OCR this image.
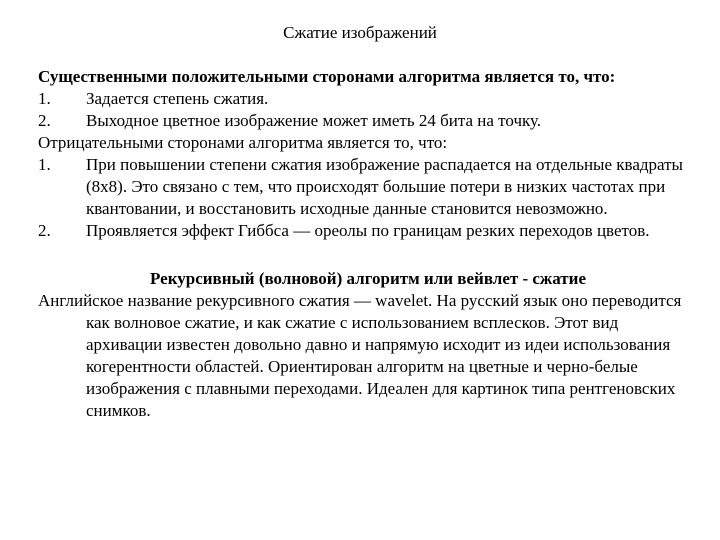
Сжатие изображений

Существенными положительными сторонами алгоритма является то, что:

1. Задается степень сжатия.
2. Выходное цветное изображение может иметь 24 бита на точку.

Отрицательными сторонами алгоритма является то, что:

1. При повышении степени сжатия изображение распадается на отдельные квадраты (8x8). Это связано с тем, что происходят большие потери в низких частотах при квантовании, и восстановить исходные данные становится невозможно.
2. Проявляется эффект Гиббса — ореолы по границам резких переходов цветов.

Рекурсивный (волновой) алгоритм или вейвлет - сжатие

Английское название рекурсивного сжатия — wavelet. На русский язык оно переводится как волновое сжатие, и как сжатие с использованием всплесков. Этот вид архивации известен довольно давно и напрямую исходит из идеи использования когерентности областей. Ориентирован алгоритм на цветные и черно-белые изображения с плавными переходами. Идеален для картинок типа рентгеновских снимков.
